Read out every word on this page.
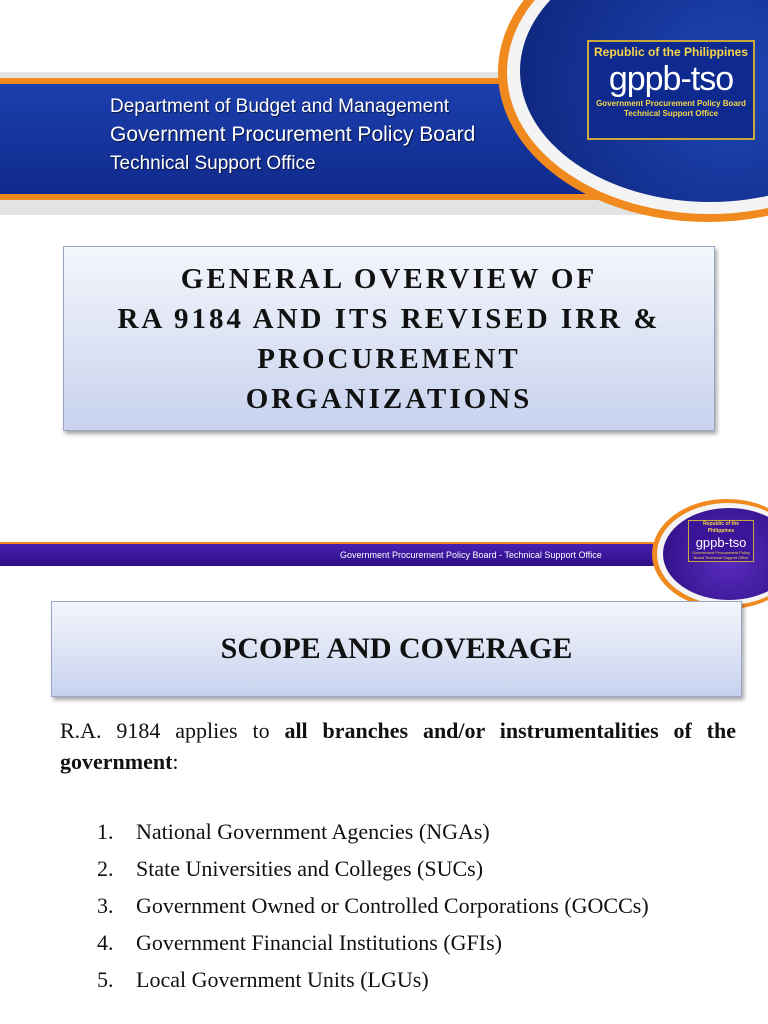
Department of Budget and Management
Government Procurement Policy Board
Technical Support Office
Republic of the Philippines
gppb-tso
Government Procurement Policy Board
Technical Support Office
GENERAL OVERVIEW OF
RA 9184 AND ITS REVISED IRR &
PROCUREMENT
ORGANIZATIONS
Government Procurement Policy Board - Technical Support Office
Republic of the Philippines
gppb-tso
Government Procurement Policy Board Technical Support Office
SCOPE AND COVERAGE
R.A. 9184 applies to all branches and/or instrumentalities of the government:
1.	National Government Agencies (NGAs)
2.	State Universities and Colleges (SUCs)
3.	Government Owned or Controlled Corporations (GOCCs)
4.	Government Financial Institutions (GFIs)
5.	Local Government Units (LGUs)
